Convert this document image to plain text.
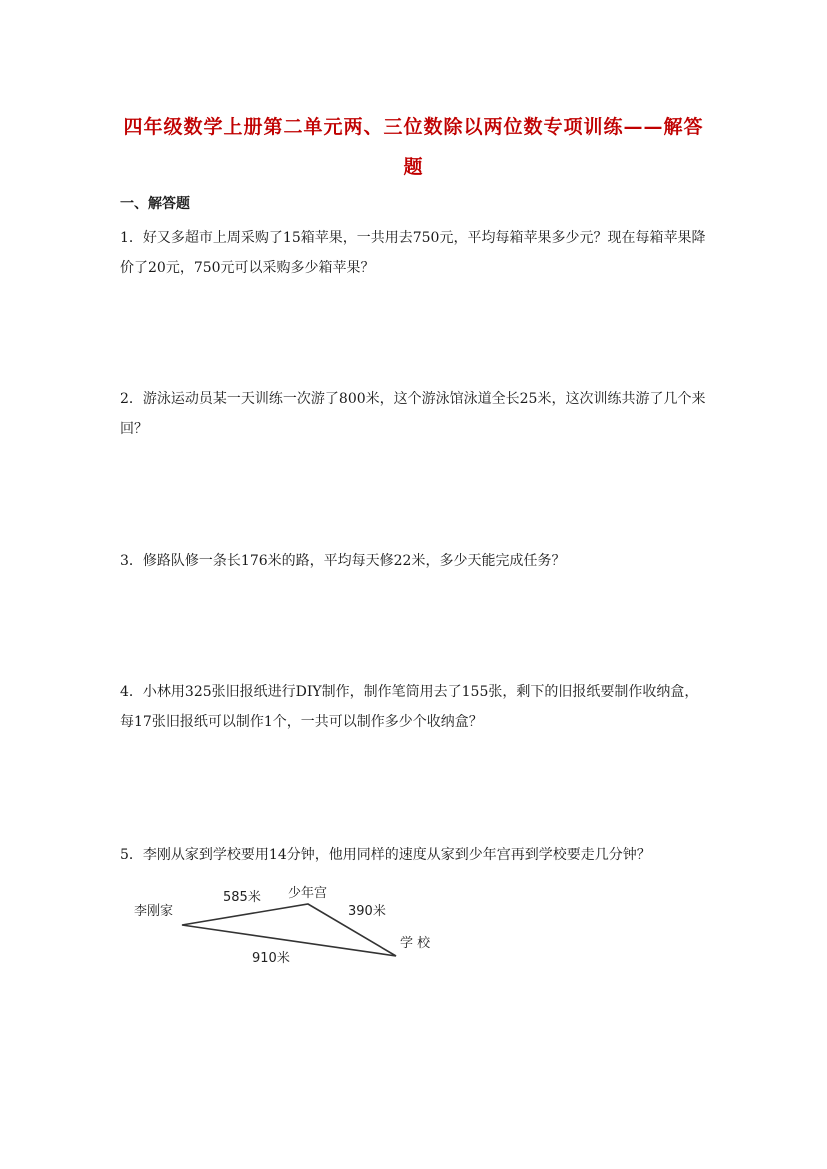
四年级数学上册第二单元两、三位数除以两位数专项训练——解答
题
一、解答题
1．好又多超市上周采购了15箱苹果，一共用去750元，平均每箱苹果多少元？现在每箱苹果降价了20元，750元可以采购多少箱苹果？
2．游泳运动员某一天训练一次游了800米，这个游泳馆泳道全长25米，这次训练共游了几个来回？
3．修路队修一条长176米的路，平均每天修22米，多少天能完成任务？
4．小林用325张旧报纸进行DIY制作，制作笔筒用去了155张，剩下的旧报纸要制作收纳盒，每17张旧报纸可以制作1个，一共可以制作多少个收纳盒？
5．李刚从家到学校要用14分钟，他用同样的速度从家到少年宫再到学校要走几分钟？
李刚家
少年宫
学 校
585米
390米
910米
